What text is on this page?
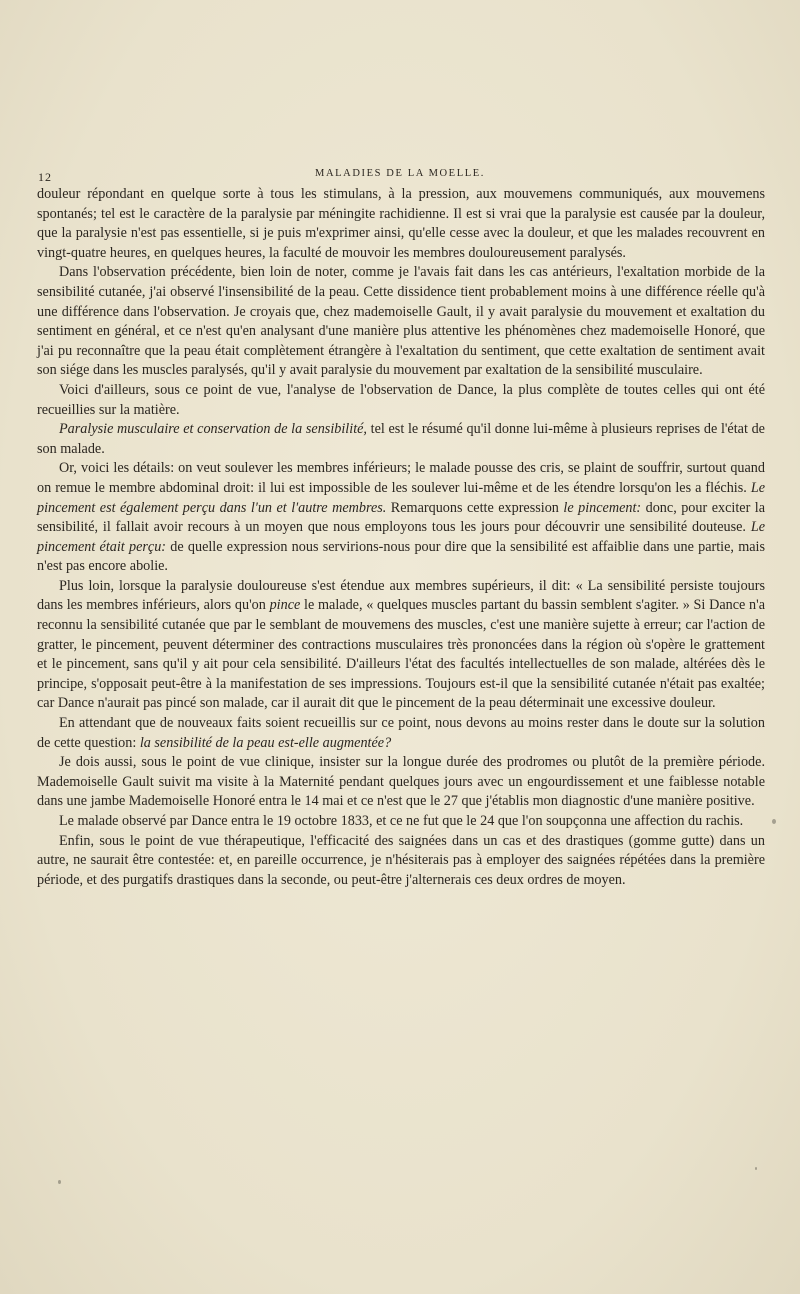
12	MALADIES DE LA MOELLE.

douleur répondant en quelque sorte à tous les stimulans, à la pression, aux mouvemens communiqués, aux mouvemens spontanés; tel est le caractère de la paralysie par méningite rachidienne. Il est si vrai que la paralysie est causée par la douleur, que la paralysie n'est pas essentielle, si je puis m'exprimer ainsi, qu'elle cesse avec la douleur, et que les malades recouvrent en vingt-quatre heures, en quelques heures, la faculté de mouvoir les membres douloureusement paralysés.

Dans l'observation précédente, bien loin de noter, comme je l'avais fait dans les cas antérieurs, l'exaltation morbide de la sensibilité cutanée, j'ai observé l'insensibilité de la peau. Cette dissidence tient probablement moins à une différence réelle qu'à une différence dans l'observation. Je croyais que, chez mademoiselle Gault, il y avait paralysie du mouvement et exaltation du sentiment en général, et ce n'est qu'en analysant d'une manière plus attentive les phénomènes chez mademoiselle Honoré, que j'ai pu reconnaître que la peau était complètement étrangère à l'exaltation du sentiment, que cette exaltation de sentiment avait son siége dans les muscles paralysés, qu'il y avait paralysie du mouvement par exaltation de la sensibilité musculaire.

Voici d'ailleurs, sous ce point de vue, l'analyse de l'observation de Dance, la plus complète de toutes celles qui ont été recueillies sur la matière.

Paralysie musculaire et conservation de la sensibilité, tel est le résumé qu'il donne lui-même à plusieurs reprises de l'état de son malade.

Or, voici les détails: on veut soulever les membres inférieurs; le malade pousse des cris, se plaint de souffrir, surtout quand on remue le membre abdominal droit: il lui est impossible de les soulever lui-même et de les étendre lorsqu'on les a fléchis. Le pincement est également perçu dans l'un et l'autre membres. Remarquons cette expression le pincement: donc, pour exciter la sensibilité, il fallait avoir recours à un moyen que nous employons tous les jours pour découvrir une sensibilité douteuse. Le pincement était perçu: de quelle expression nous servirions-nous pour dire que la sensibilité est affaiblie dans une partie, mais n'est pas encore abolie.

Plus loin, lorsque la paralysie douloureuse s'est étendue aux membres supérieurs, il dit: « La sensibilité persiste toujours dans les membres inférieurs, alors qu'on pince le malade, « quelques muscles partant du bassin semblent s'agiter. » Si Dance n'a reconnu la sensibilité cutanée que par le semblant de mouvemens des muscles, c'est une manière sujette à erreur; car l'action de gratter, le pincement, peuvent déterminer des contractions musculaires très prononcées dans la région où s'opère le grattement et le pincement, sans qu'il y ait pour cela sensibilité. D'ailleurs l'état des facultés intellectuelles de son malade, altérées dès le principe, s'opposait peut-être à la manifestation de ses impressions. Toujours est-il que la sensibilité cutanée n'était pas exaltée; car Dance n'aurait pas pincé son malade, car il aurait dit que le pincement de la peau déterminait une excessive douleur.

En attendant que de nouveaux faits soient recueillis sur ce point, nous devons au moins rester dans le doute sur la solution de cette question: la sensibilité de la peau est-elle augmentée?

Je dois aussi, sous le point de vue clinique, insister sur la longue durée des prodromes ou plutôt de la première période. Mademoiselle Gault suivit ma visite à la Maternité pendant quelques jours avec un engourdissement et une faiblesse notable dans une jambe Mademoiselle Honoré entra le 14 mai et ce n'est que le 27 que j'établis mon diagnostic d'une manière positive.

Le malade observé par Dance entra le 19 octobre 1833, et ce ne fut que le 24 que l'on soupçonna une affection du rachis.

Enfin, sous le point de vue thérapeutique, l'efficacité des saignées dans un cas et des drastiques (gomme gutte) dans un autre, ne saurait être contestée: et, en pareille occurrence, je n'hésiterais pas à employer des saignées répétées dans la première période, et des purgatifs drastiques dans la seconde, ou peut-être j'alternerais ces deux ordres de moyen.
